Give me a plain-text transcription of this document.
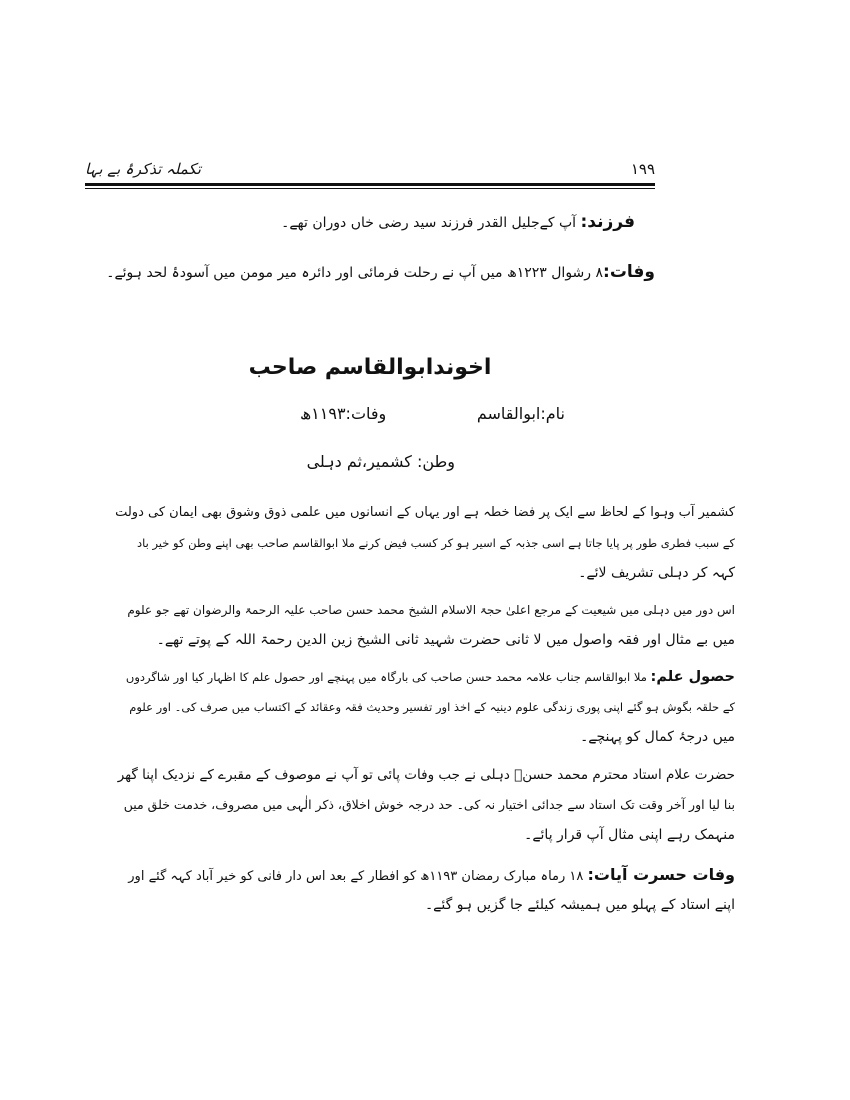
۱۹۹
تکملہ تذکرۂ بے بہا
فرزند: آپ کےجلیل القدر فرزند سید رضی خاں دوران تھے۔
وفات:۸ رشوال ۱۲۲۳ھ میں آپ نے رحلت فرمائی اور دائرہ میر مومن میں آسودۂ لحد ہوئے۔
اخوندابوالقاسم صاحب
نام:ابوالقاسم
وفات:۱۱۹۳ھ
وطن: کشمیر،ثم دہلی
کشمیر آب وہوا کے لحاظ سے ایک پر فضا خطہ ہے اور یہاں کے انسانوں میں علمی ذوق وشوق بھی ایمان کی دولت
کے سبب فطری طور پر پایا جاتا ہے اسی جذبہ کے اسیر ہو کر کسب فیض کرنے ملا ابوالقاسم صاحب بھی اپنے وطن کو خیر باد
کہہ کر دہلی تشریف لائے۔
اس دور میں دہلی میں شیعیت کے مرجع اعلیٰ حجۃ الاسلام الشیخ محمد حسن صاحب علیہ الرحمۃ والرضوان تھے جو علوم
میں بے مثال اور فقہ واصول میں لا ثانی حضرت شہید ثانی الشیخ زین الدین رحمۃ اللہ کے پوتے تھے۔
حصول علم: ملا ابوالقاسم جناب علامہ محمد حسن صاحب کی بارگاہ میں پہنچے اور حصول علم کا اظہار کیا اور شاگردوں
کے حلقہ بگوش ہو گئے اپنی پوری زندگی علوم دینیہ کے اخذ اور تفسیر وحدیث فقہ وعقائد کے اکتساب میں صرف کی۔ اور علوم
میں درجۂ کمال کو پہنچے۔
حضرت علام استاد محترم محمد حسنؒ دہلی نے جب وفات پائی تو آپ نے موصوف کے مقبرے کے نزدیک اپنا گھر
بنا لیا اور آخر وقت تک استاد سے جدائی اختیار نہ کی۔ حد درجہ خوش اخلاق، ذکر الٰہی میں مصروف، خدمت خلق میں
منہمک رہے اپنی مثال آپ قرار پائے۔
وفات حسرت آیات: ۱۸ رماہ مبارک رمضان ۱۱۹۳ھ کو افطار کے بعد اس دار فانی کو خیر آباد کہہ گئے اور
اپنے استاد کے پہلو میں ہمیشہ کیلئے جا گزیں ہو گئے۔
